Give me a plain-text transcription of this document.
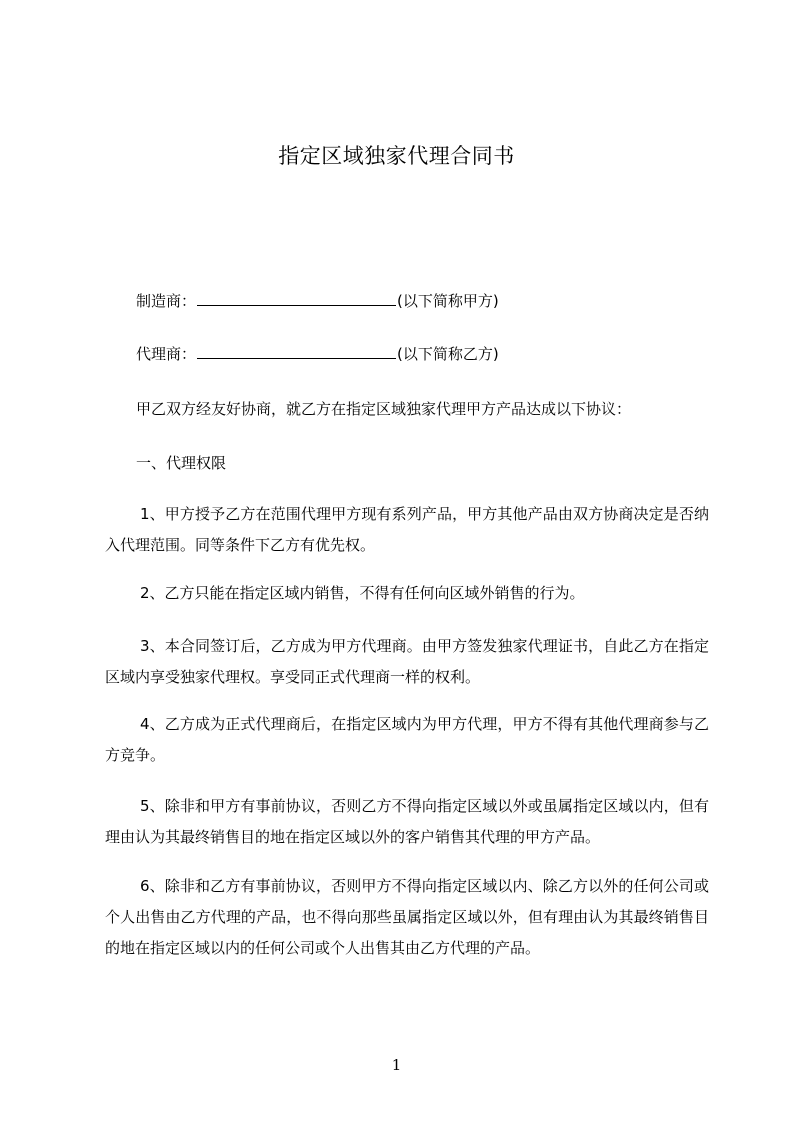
指定区域独家代理合同书
制造商：	(以下简称甲方)
代理商：	(以下简称乙方)
甲乙双方经友好协商，就乙方在指定区域独家代理甲方产品达成以下协议：
一、代理权限
1、甲方授予乙方在范围代理甲方现有系列产品，甲方其他产品由双方协商决定是否纳入代理范围。同等条件下乙方有优先权。
2、乙方只能在指定区域内销售，不得有任何向区域外销售的行为。
3、本合同签订后，乙方成为甲方代理商。由甲方签发独家代理证书，自此乙方在指定区域内享受独家代理权。享受同正式代理商一样的权利。
4、乙方成为正式代理商后，在指定区域内为甲方代理，甲方不得有其他代理商参与乙方竞争。
5、除非和甲方有事前协议，否则乙方不得向指定区域以外或虽属指定区域以内，但有理由认为其最终销售目的地在指定区域以外的客户销售其代理的甲方产品。
6、除非和乙方有事前协议，否则甲方不得向指定区域以内、除乙方以外的任何公司或个人出售由乙方代理的产品，也不得向那些虽属指定区域以外，但有理由认为其最终销售目的地在指定区域以内的任何公司或个人出售其由乙方代理的产品。
1
